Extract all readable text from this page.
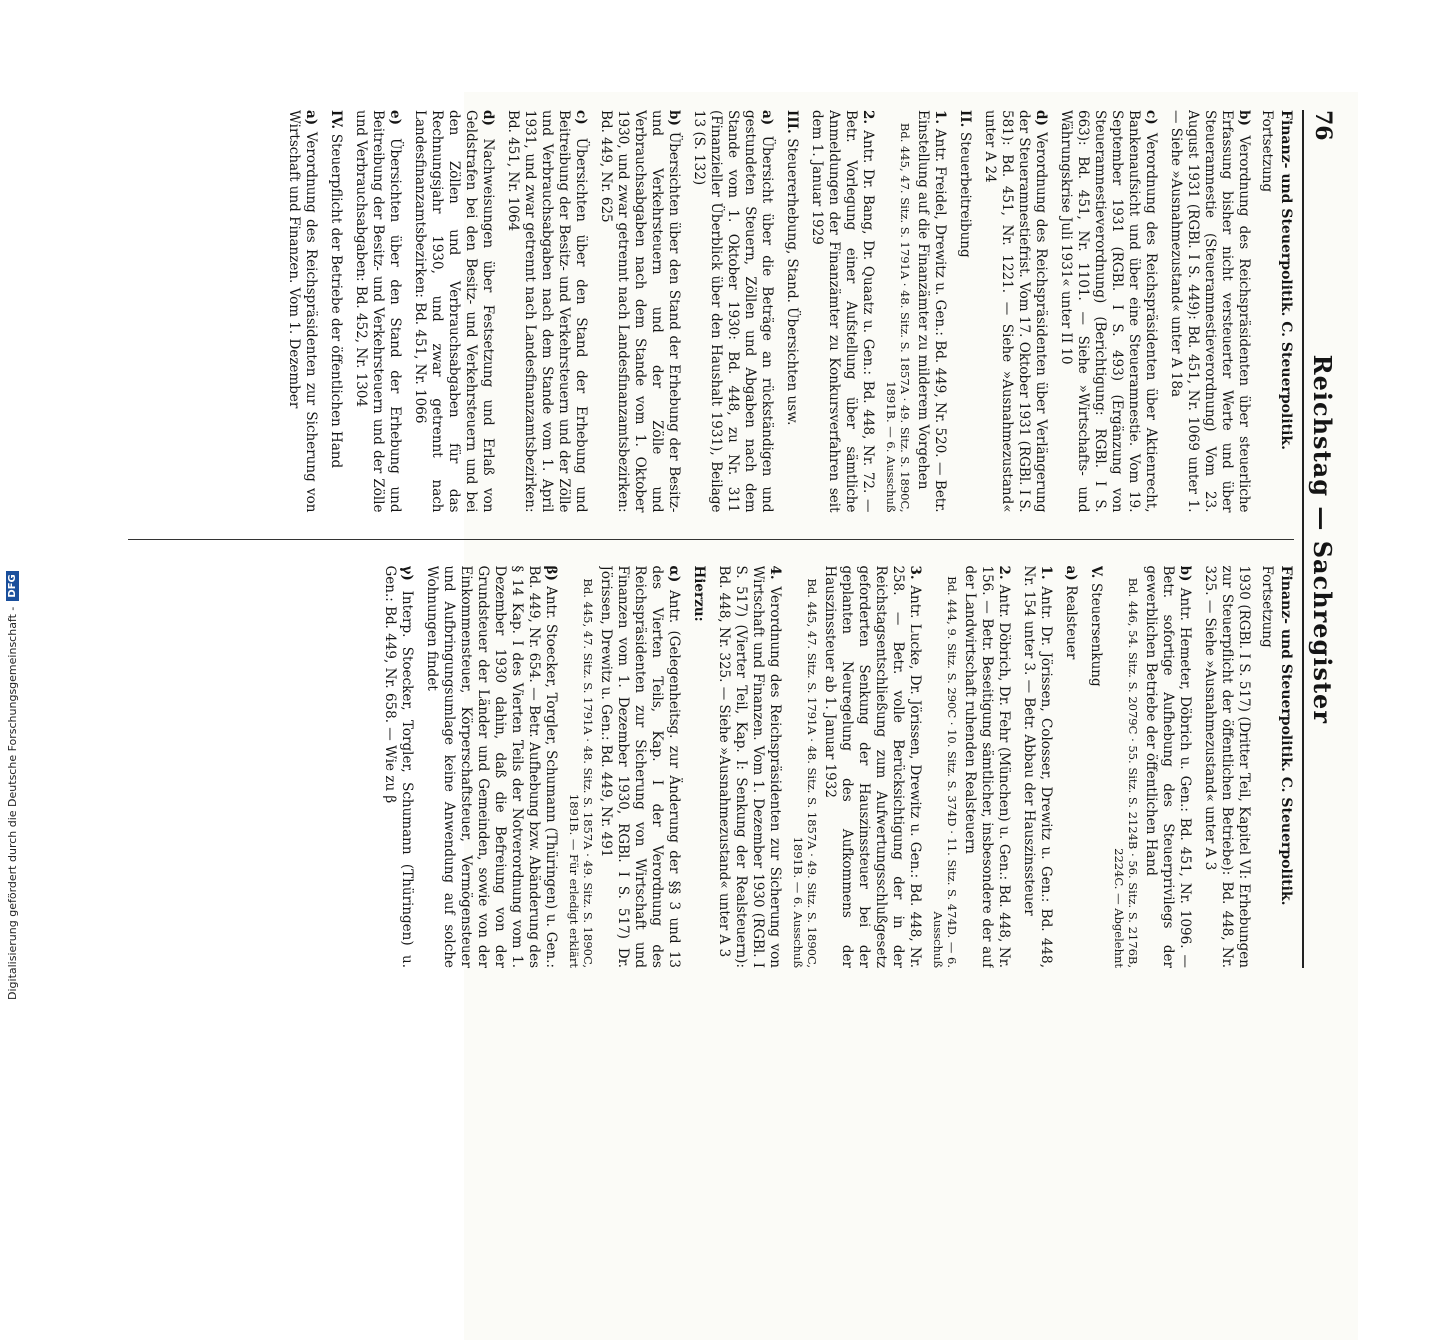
76
Reichstag — Sachregister
Finanz- und Steuerpolitik. C. Steuerpolitik.
Fortsetzung
b) Verordnung des Reichspräsidenten über steuerliche Erfassung bisher nicht versteuerter Werte und über Steueramnestie (Steueramnestieverordnung) Vom 23. August 1931 (RGBl. I S. 449): Bd. 451, Nr. 1069 unter 1. — Siehe »Ausnahmezustand« unter A 18a
c) Verordnung des Reichspräsidenten über Aktienrecht, Bankenaufsicht und über eine Steueramnestie. Vom 19. September 1931 (RGBl. I S. 493) (Ergänzung von Steueramnestieverordnung) (Berichtigung: RGBl. I S. 663): Bd. 451, Nr. 1101. — Siehe »Wirtschafts- und Währungskrise Juli 1931« unter II 10
d) Verordnung des Reichspräsidenten über Verlängerung der Steueramnestiefrist. Vom 17. Oktober 1931 (RGBl. I S. 581): Bd. 451, Nr. 1221. — Siehe »Ausnahmezustand« unter A 24
II. Steuerbeitreibung
1. Antr. Freidel, Drewitz u. Gen.: Bd. 449, Nr. 520. — Betr. Einstellung auf die Finanzämter zu milderem Vorgehen
Bd. 445, 47. Sitz. S. 1791A · 48. Sitz. S. 1857A · 49. Sitz. S. 1890C, 1891B. — 6. Ausschuß
2. Antr. Dr. Bang, Dr. Quaatz u. Gen.: Bd. 448, Nr. 72. — Betr. Vorlegung einer Aufstellung über sämtliche Anmeldungen der Finanzämter zu Konkursverfahren seit dem 1. Januar 1929
III. Steuererhebung, Stand. Übersichten usw.
a) Übersicht über die Beträge an rückständigen und gestundeten Steuern, Zöllen und Abgaben nach dem Stande vom 1. Oktober 1930: Bd. 448, zu Nr. 311 (Finanzieller Überblick über den Haushalt 1931), Beilage 13 (S. 132)
b) Übersichten über den Stand der Erhebung der Besitz- und Verkehrsteuern und der Zölle und Verbrauchsabgaben nach dem Stande vom 1. Oktober 1930, und zwar getrennt nach Landesfinanzamtsbezirken: Bd. 449, Nr. 625
c) Übersichten über den Stand der Erhebung und Beitreibung der Besitz- und Verkehrsteuern und der Zölle und Verbrauchsabgaben nach dem Stande vom 1. April 1931, und zwar getrennt nach Landesfinanzamtsbezirken: Bd. 451, Nr. 1064
d) Nachweisungen über Festsetzung und Erlaß von Geldstrafen bei den Besitz- und Verkehrsteuern und bei den Zöllen und Verbrauchsabgaben für das Rechnungsjahr 1930, und zwar getrennt nach Landesfinanzamtsbezirken: Bd. 451, Nr. 1066
e) Übersichten über den Stand der Erhebung und Beitreibung der Besitz- und Verkehrsteuern und der Zölle und Verbrauchsabgaben: Bd. 452, Nr. 1304
IV. Steuerpflicht der Betriebe der öffentlichen Hand
a) Verordnung des Reichspräsidenten zur Sicherung von Wirtschaft und Finanzen. Vom 1. Dezember
Finanz- und Steuerpolitik. C. Steuerpolitik.
Fortsetzung
1930 (RGBl. I S. 517) (Dritter Teil, Kapitel VI: Erhebungen zur Steuerpflicht der öffentlichen Betriebe): Bd. 448, Nr. 325. — Siehe »Ausnahmezustand« unter A 3
b) Antr. Hemeter, Döbrich u. Gen.: Bd. 451, Nr. 1096. — Betr. sofortige Aufhebung des Steuerprivilegs der gewerblichen Betriebe der öffentlichen Hand
Bd. 446, 54. Sitz. S. 2079C · 55. Sitz. S. 2124B · 56. Sitz. S. 2176B, 2224C. — Abgelehnt
V. Steuersenkung
a) Realsteuer
1. Antr. Dr. Jörissen, Colosser, Drewitz u. Gen.: Bd. 448, Nr. 154 unter 3. — Betr. Abbau der Hauszinssteuer
2. Antr. Döbrich, Dr. Fehr (München) u. Gen.: Bd. 448, Nr. 156. — Betr. Beseitigung sämtlicher, insbesondere der auf der Landwirtschaft ruhenden Realsteuern
Bd. 444, 9. Sitz. S. 290C · 10. Sitz. S. 374D · 11. Sitz. S. 474D. — 6. Ausschuß
3. Antr. Lucke, Dr. Jörissen, Drewitz u. Gen.: Bd. 448, Nr. 258. — Betr. volle Berücksichtigung der in der Reichstagsentschließung zum Aufwertungsschlußgesetz geforderten Senkung der Hauszinssteuer bei der geplanten Neuregelung des Aufkommens der Hauszinssteuer ab 1. Januar 1932
Bd. 445, 47. Sitz. S. 1791A · 48. Sitz. S. 1857A · 49. Sitz. S. 1890C, 1891B. — 6. Ausschuß
4. Verordnung des Reichspräsidenten zur Sicherung von Wirtschaft und Finanzen. Vom 1. Dezember 1930 (RGBl. I S. 517) (Vierter Teil, Kap. I: Senkung der Realsteuern): Bd. 448, Nr. 325. — Siehe »Ausnahmezustand« unter A 3
Hierzu:
α) Antr. (Gelegenheitsg. zur Änderung der §§ 3 und 13 des Vierten Teils, Kap. I der Verordnung des Reichspräsidenten zur Sicherung von Wirtschaft und Finanzen vom 1. Dezember 1930, RGBl. I S. 517) Dr. Jörissen, Drewitz u. Gen.: Bd. 449, Nr. 491
Bd. 445, 47. Sitz. S. 1791A · 48. Sitz. S. 1857A · 49. Sitz. S. 1890C, 1891B. — Für erledigt erklärt
β) Antr. Stoecker, Torgler, Schumann (Thüringen) u. Gen.: Bd. 449, Nr. 654. — Betr. Aufhebung bzw. Abänderung des § 14 Kap. I des Vierten Teils der Notverordnung vom 1. Dezember 1930 dahin, daß die Befreiung von der Grundsteuer der Länder und Gemeinden, sowie von der Einkommensteuer, Körperschaftsteuer, Vermögensteuer und Aufbringungsumlage keine Anwendung auf solche Wohnungen findet
γ) Interp. Stoecker, Torgler, Schumann (Thüringen) u. Gen.: Bd. 449, Nr. 658. — Wie zu β
Digitalisierung gefördert durch die Deutsche Forschungsgemeinschaft -
DFG
